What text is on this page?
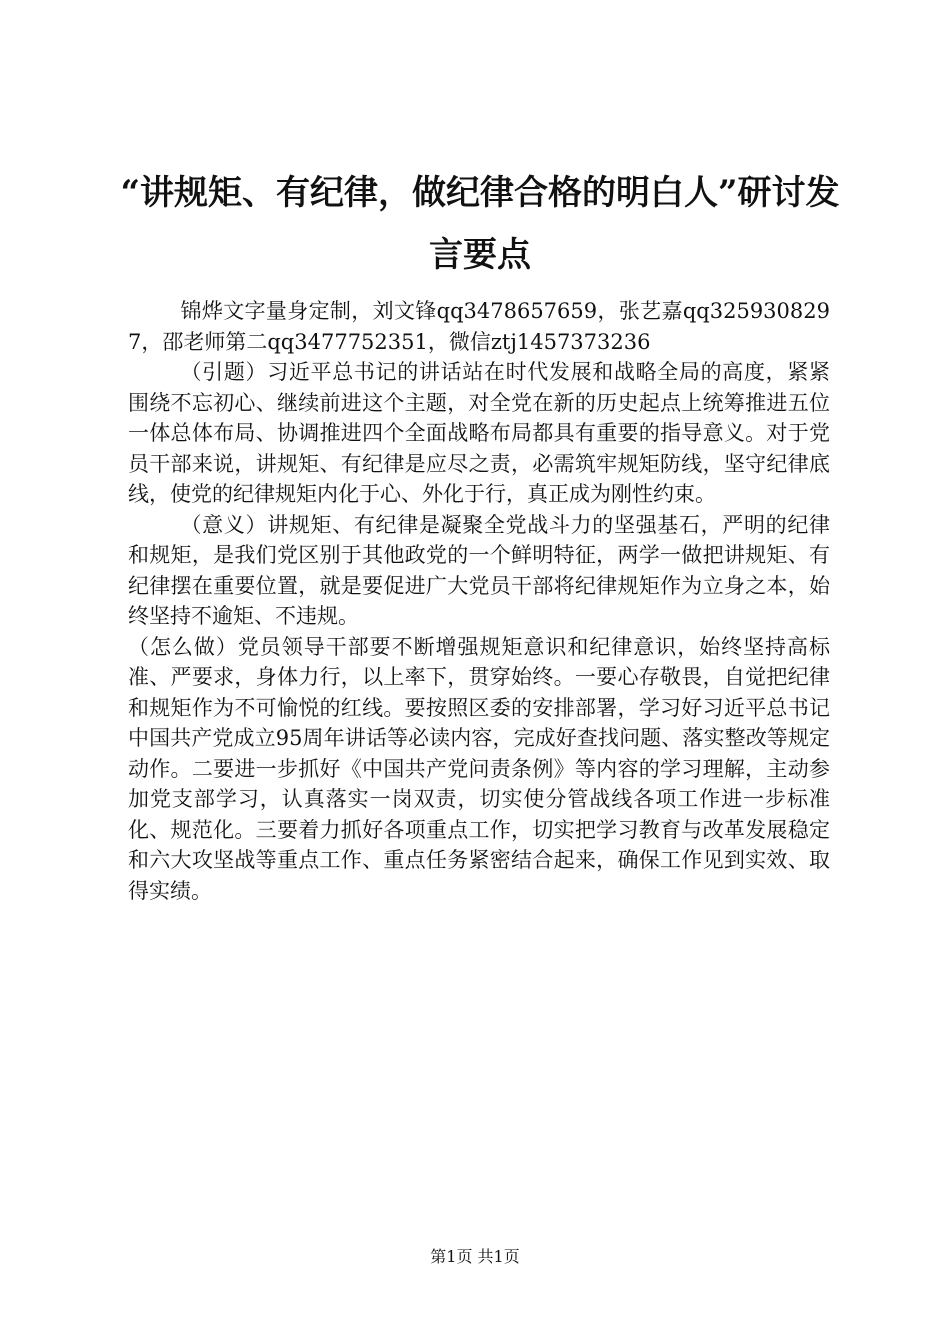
“讲规矩、有纪律，做纪律合格的明白人”研讨发言要点

锦烨文字量身定制，刘文锋qq3478657659，张艺嘉qq3259308297，邵老师第二qq3477752351，微信ztj1457373236

（引题）习近平总书记的讲话站在时代发展和战略全局的高度，紧紧围绕不忘初心、继续前进这个主题，对全党在新的历史起点上统筹推进五位一体总体布局、协调推进四个全面战略布局都具有重要的指导意义。对于党员干部来说，讲规矩、有纪律是应尽之责，必需筑牢规矩防线，坚守纪律底线，使党的纪律规矩内化于心、外化于行，真正成为刚性约束。

（意义）讲规矩、有纪律是凝聚全党战斗力的坚强基石，严明的纪律和规矩，是我们党区别于其他政党的一个鲜明特征，两学一做把讲规矩、有纪律摆在重要位置，就是要促进广大党员干部将纪律规矩作为立身之本，始终坚持不逾矩、不违规。

（怎么做）党员领导干部要不断增强规矩意识和纪律意识，始终坚持高标准、严要求，身体力行，以上率下，贯穿始终。一要心存敬畏，自觉把纪律和规矩作为不可愉悦的红线。要按照区委的安排部署，学习好习近平总书记中国共产党成立95周年讲话等必读内容，完成好查找问题、落实整改等规定动作。二要进一步抓好《中国共产党问责条例》等内容的学习理解，主动参加党支部学习，认真落实一岗双责，切实使分管战线各项工作进一步标准化、规范化。三要着力抓好各项重点工作，切实把学习教育与改革发展稳定和六大攻坚战等重点工作、重点任务紧密结合起来，确保工作见到实效、取得实绩。

第1页 共1页
